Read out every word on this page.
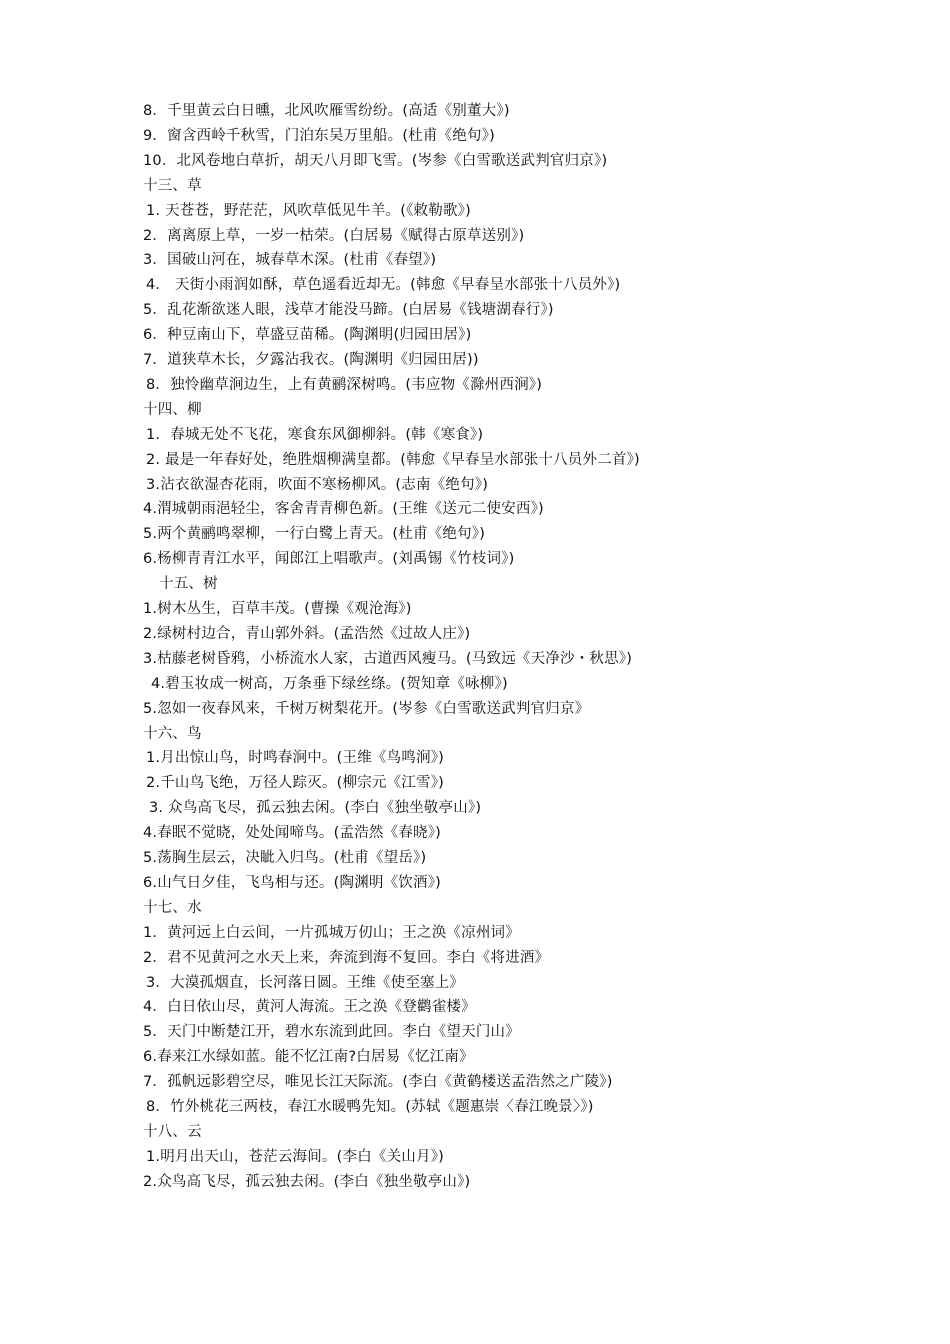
8．千里黄云白日曛，北风吹雁雪纷纷。(高适《别董大》)
9．窗含西岭千秋雪，门泊东吴万里船。(杜甫《绝句》)
10．北风卷地白草折，胡天八月即飞雪。(岑参《白雪歌送武判官归京》)
十三、草
1. 天苍苍，野茫茫，风吹草低见牛羊。(《敕勒歌》)
2．离离原上草，一岁一枯荣。(白居易《赋得古原草送别》)
3．国破山河在，城春草木深。(杜甫《春望》)
4． 天街小雨润如酥，草色遥看近却无。(韩愈《早春呈水部张十八员外》)
5．乱花渐欲迷人眼，浅草才能没马蹄。(白居易《钱塘湖春行》)
6．种豆南山下，草盛豆苗稀。(陶渊明(归园田居》)
7．道狭草木长，夕露沾我衣。(陶渊明《归园田居))
8．独怜幽草涧边生，上有黄鹂深树鸣。(韦应物《滁州西涧》)
十四、柳
1．春城无处不飞花，寒食东风御柳斜。(韩《寒食》)
2. 最是一年春好处，绝胜烟柳满皇都。(韩愈《早春呈水部张十八员外二首》)
3.沾衣欲湿杏花雨，吹面不寒杨柳风。(志南《绝句》)
4.渭城朝雨浥轻尘，客舍青青柳色新。(王维《送元二使安西》)
5.两个黄鹂鸣翠柳，一行白鹭上青天。(杜甫《绝句》)
6.杨柳青青江水平，闻郎江上唱歌声。(刘禹锡《竹枝词》)
十五、树
1.树木丛生，百草丰茂。(曹操《观沧海》)
2.绿树村边合，青山郭外斜。(孟浩然《过故人庄》)
3.枯藤老树昏鸦，小桥流水人家，古道西风瘦马。(马致远《天净沙・秋思》)
4.碧玉妆成一树高，万条垂下绿丝绦。(贺知章《咏柳》)
5.忽如一夜春风来，千树万树梨花开。(岑参《白雪歌送武判官归京》
十六、鸟
1.月出惊山鸟，时鸣春涧中。(王维《鸟鸣涧》)
2.千山鸟飞绝，万径人踪灭。(柳宗元《江雪》)
3. 众鸟高飞尽，孤云独去闲。(李白《独坐敬亭山》)
4.春眠不觉晓，处处闻啼鸟。(孟浩然《春晓》)
5.荡胸生层云，决眦入归鸟。(杜甫《望岳》)
6.山气日夕佳，飞鸟相与还。(陶渊明《饮酒》)
十七、水
1．黄河远上白云间，一片孤城万仞山；王之涣《凉州词》
2．君不见黄河之水天上来，奔流到海不复回。李白《将进酒》
3．大漠孤烟直，长河落日圆。王维《使至塞上》
4．白日依山尽，黄河人海流。王之涣《登鹳雀楼》
5．天门中断楚江开，碧水东流到此回。李白《望天门山》
6.春来江水绿如蓝。能不忆江南?白居易《忆江南》
7．孤帆远影碧空尽，唯见长江天际流。(李白《黄鹤楼送孟浩然之广陵》)
8．竹外桃花三两枝，春江水暖鸭先知。(苏轼《题惠崇〈春江晚景〉》)
十八、云
1.明月出天山，苍茫云海间。(李白《关山月》)
2.众鸟高飞尽，孤云独去闲。(李白《独坐敬亭山》)
